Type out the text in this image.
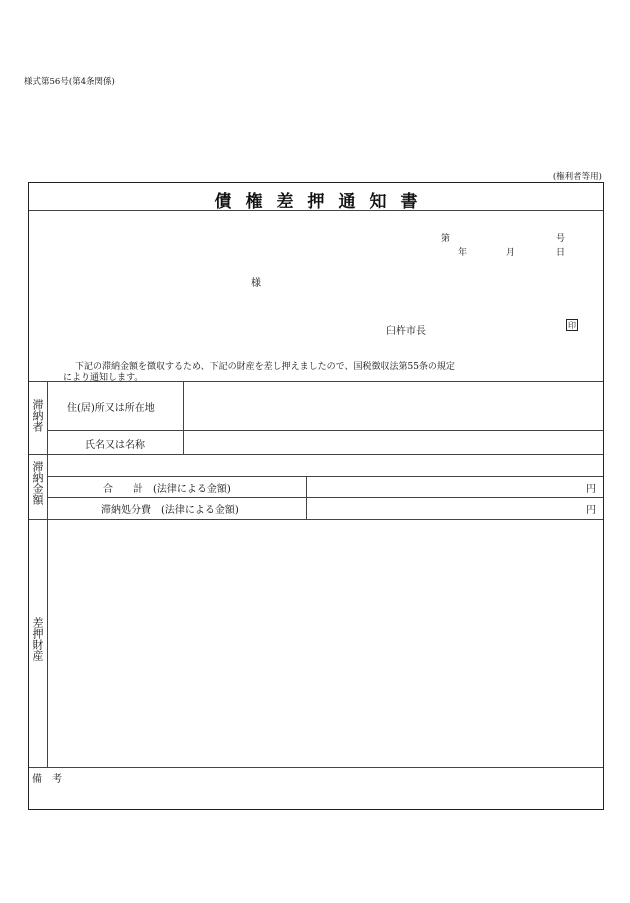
様式第56号(第4条関係)
(権利者等用)
債権差押通知書
第	号
年	月	日
様
臼杵市長
印
下記の滞納金額を徴収するため、下記の財産を差し押えましたので、国税徴収法第55条の規定
により通知します。
滞納者 住(居)所又は所在地
氏名又は名称
滞納金額	合　　計　(法律による金額)	円
滞納処分費　(法律による金額)	円
差押財産
備　考
